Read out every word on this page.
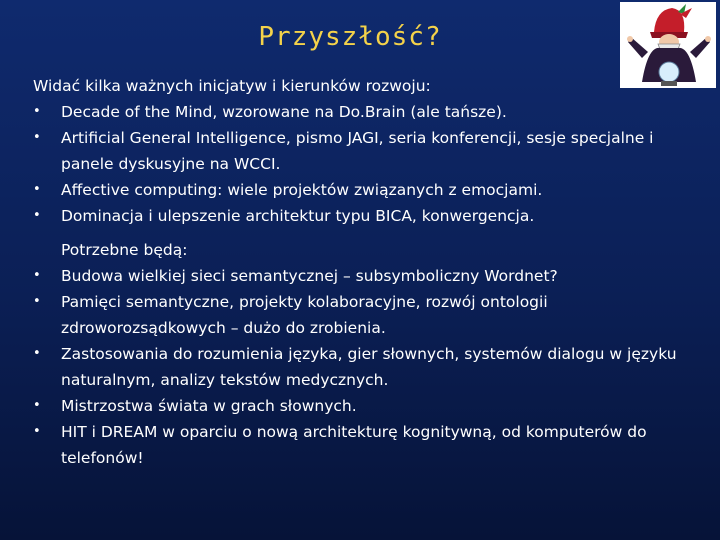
Przyszłość?

Widać kilka ważnych inicjatyw i kierunków rozwoju:

• Decade of the Mind, wzorowane na Do.Brain (ale tańsze).
• Artificial General Intelligence, pismo JAGI, seria konferencji, sesje specjalne i panele dyskusyjne na WCCI.
• Affective computing: wiele projektów związanych z emocjami.
• Dominacja i ulepszenie architektur typu BICA, konwergencja.
Potrzebne będą:
• Budowa wielkiej sieci semantycznej – subsymboliczny Wordnet?
• Pamięci semantyczne, projekty kolaboracyjne, rozwój ontologii zdroworozsądkowych – dużo do zrobienia.
• Zastosowania do rozumienia języka, gier słownych, systemów dialogu w języku naturalnym, analizy tekstów medycznych.
• Mistrzostwa świata w grach słownych.
• HIT i DREAM w oparciu o nową architekturę kognitywną, od komputerów do telefonów!
